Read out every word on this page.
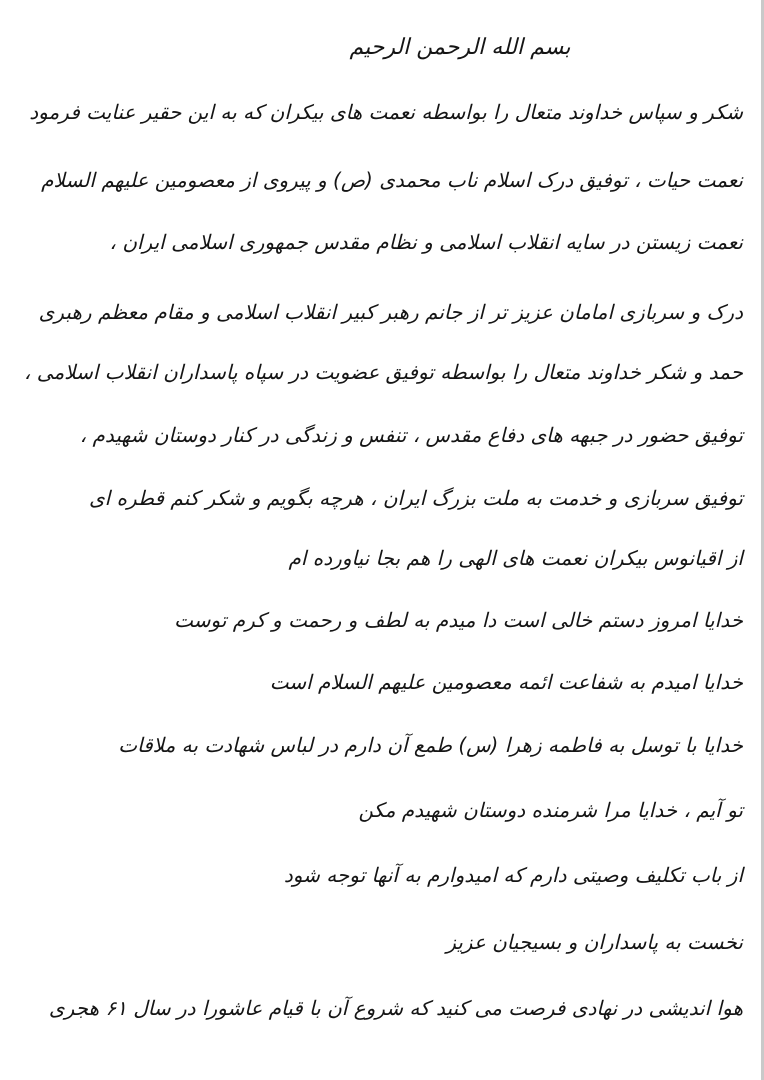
بسم الله الرحمن الرحیم
شکر و سپاس خداوند متعال را بواسطه نعمت های بیکران که به این حقیر عنایت فرمود
نعمت حیات ، توفیق درک اسلام ناب محمدی (ص) و پیروی از معصومین علیهم السلام
نعمت زیستن در سایه انقلاب اسلامی و نظام مقدس جمهوری اسلامی ایران ،
درک و سربازی امامان عزیز تر از جانم رهبر کبیر انقلاب اسلامی و مقام معظم رهبری
حمد و شکر خداوند متعال را بواسطه توفیق عضویت در سپاه پاسداران انقلاب اسلامی ،
توفیق حضور در جبهه های دفاع مقدس ، تنفس و زندگی در کنار دوستان شهیدم ،
توفیق سربازی و خدمت به ملت بزرگ ایران ، هرچه بگویم و شکر کنم قطره ای
از اقیانوس بیکران نعمت های الهی را هم بجا نیاورده ام
خدایا امروز دستم خالی است دا میدم به لطف و رحمت و کرم توست
خدایا امیدم به شفاعت ائمه معصومین علیهم السلام است
خدایا با توسل به فاطمه زهرا (س) طمع آن دارم در لباس شهادت به ملاقات
تو آیم ، خدایا مرا شرمنده دوستان شهیدم مکن
از باب تکلیف وصیتی دارم که امیدوارم به آنها توجه شود
نخست به پاسداران و بسیجیان عزیز
هوا اندیشی در نهادی فرصت می کنید که شروع آن با قیام عاشورا در سال ۶۱ هجری
